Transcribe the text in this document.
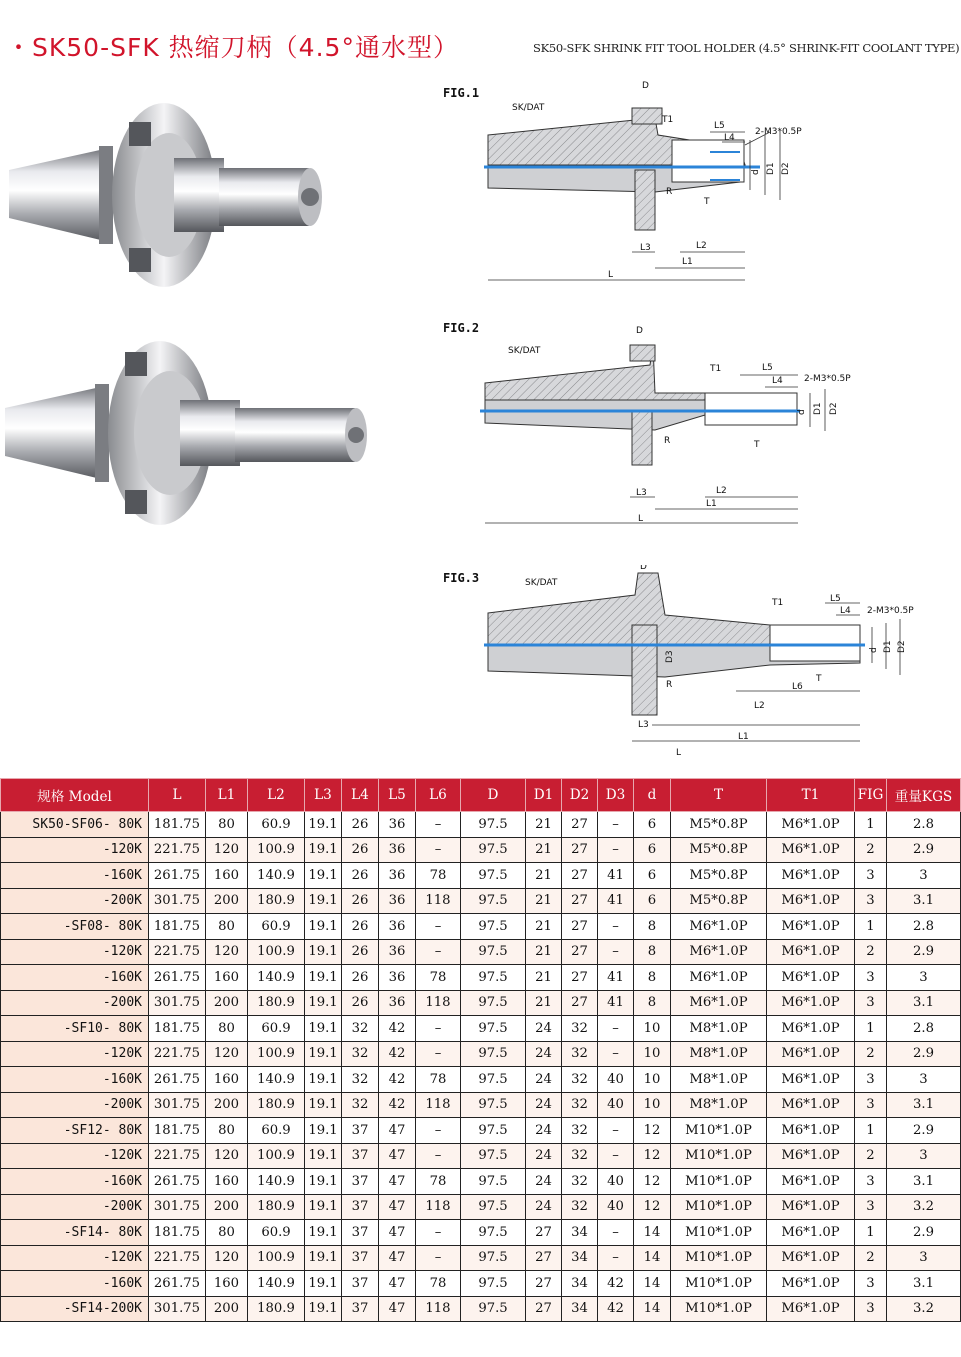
・SK50-SFK 热缩刀柄（4.5°通水型）	SK50-SFK SHRINK FIT TOOL HOLDER (4.5° SHRINK-FIT COOLANT TYPE)
FIG.1	D
SK/DAT
L5
L4
2-M3*0.5P
T1
d D1 D2
T
R
L3	L2
L1
L
FIG.2	D
SK/DAT
L5
L4 2-M3*0.5P
T1
d D1 D2
T
R
L3	L2
L1
L
FIG.3
D
SK/DAT
L5
L4 2-M3*0.5P
T1
d D1 D2
D3
T
R
L3
L6
L2
L1
L
规格 Model	L	L1	L2	L3	L4	L5	L6	D	D1	D2	D3	d	T	T1	FIG	重量KGS
SK50-SF06- 80K	181.75	80	60.9	19.1	26	36	–	97.5	21	27	–	6	M5*0.8P	M6*1.0P	1	2.8
-120K	221.75	120	100.9	19.1	26	36	–	97.5	21	27	–	6	M5*0.8P	M6*1.0P	2	2.9
-160K	261.75	160	140.9	19.1	26	36	78	97.5	21	27	41	6	M5*0.8P	M6*1.0P	3	3
-200K	301.75	200	180.9	19.1	26	36	118	97.5	21	27	41	6	M5*0.8P	M6*1.0P	3	3.1
-SF08- 80K	181.75	80	60.9	19.1	26	36	–	97.5	21	27	–	8	M6*1.0P	M6*1.0P	1	2.8
-120K	221.75	120	100.9	19.1	26	36	–	97.5	21	27	–	8	M6*1.0P	M6*1.0P	2	2.9
-160K	261.75	160	140.9	19.1	26	36	78	97.5	21	27	41	8	M6*1.0P	M6*1.0P	3	3
-200K	301.75	200	180.9	19.1	26	36	118	97.5	21	27	41	8	M6*1.0P	M6*1.0P	3	3.1
-SF10- 80K	181.75	80	60.9	19.1	32	42	–	97.5	24	32	–	10	M8*1.0P	M6*1.0P	1	2.8
-120K	221.75	120	100.9	19.1	32	42	–	97.5	24	32	–	10	M8*1.0P	M6*1.0P	2	2.9
-160K	261.75	160	140.9	19.1	32	42	78	97.5	24	32	40	10	M8*1.0P	M6*1.0P	3	3
-200K	301.75	200	180.9	19.1	32	42	118	97.5	24	32	40	10	M8*1.0P	M6*1.0P	3	3.1
-SF12- 80K	181.75	80	60.9	19.1	37	47	–	97.5	24	32	–	12	M10*1.0P	M6*1.0P	1	2.9
-120K	221.75	120	100.9	19.1	37	47	–	97.5	24	32	–	12	M10*1.0P	M6*1.0P	2	3
-160K	261.75	160	140.9	19.1	37	47	78	97.5	24	32	40	12	M10*1.0P	M6*1.0P	3	3.1
-200K	301.75	200	180.9	19.1	37	47	118	97.5	24	32	40	12	M10*1.0P	M6*1.0P	3	3.2
-SF14- 80K	181.75	80	60.9	19.1	37	47	–	97.5	27	34	–	14	M10*1.0P	M6*1.0P	1	2.9
-120K	221.75	120	100.9	19.1	37	47	–	97.5	27	34	–	14	M10*1.0P	M6*1.0P	2	3
-160K	261.75	160	140.9	19.1	37	47	78	97.5	27	34	42	14	M10*1.0P	M6*1.0P	3	3.1
-SF14-200K	301.75	200	180.9	19.1	37	47	118	97.5	27	34	42	14	M10*1.0P	M6*1.0P	3	3.2
